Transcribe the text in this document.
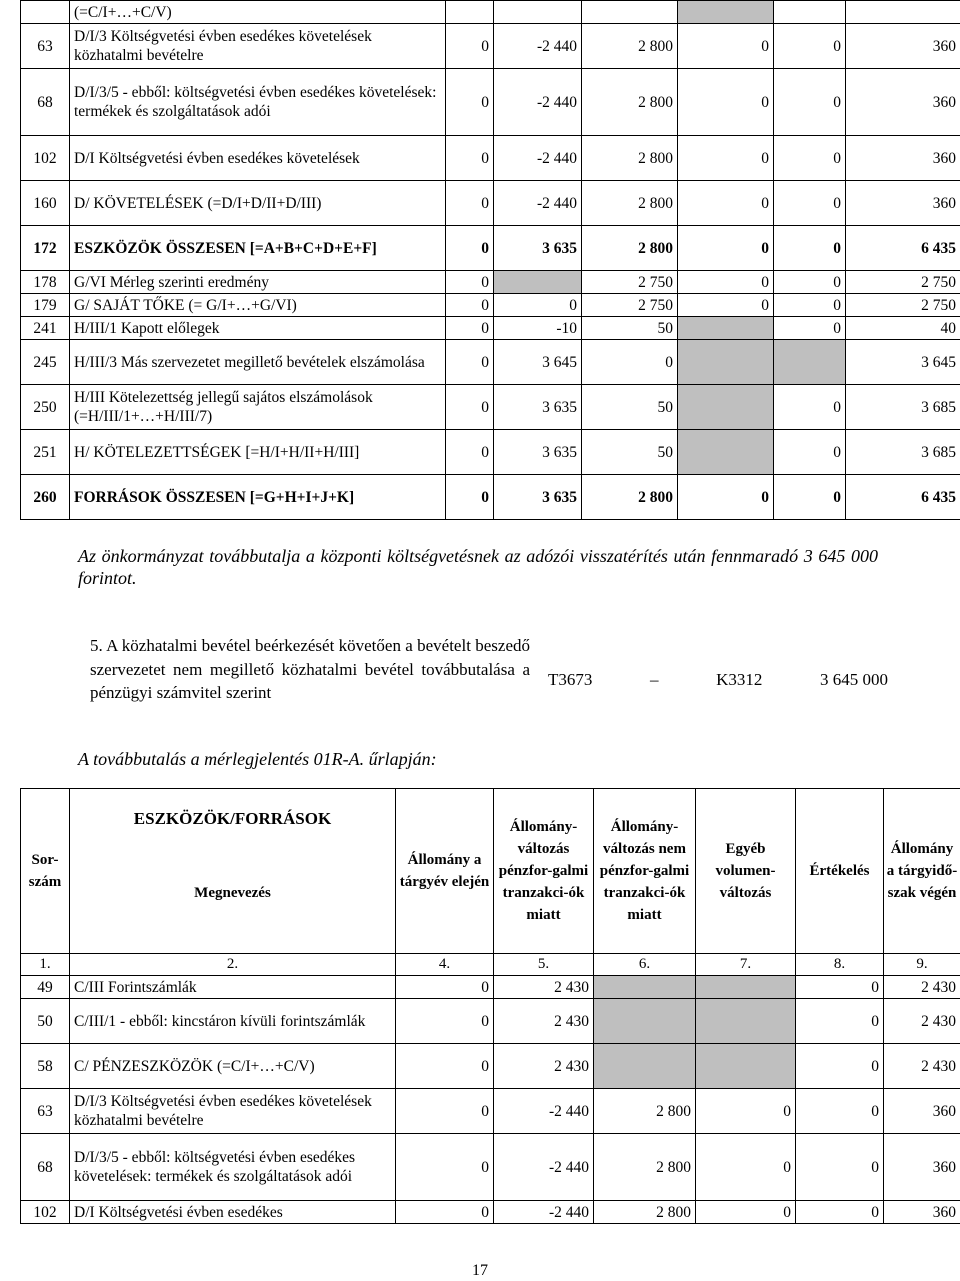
	(=C/I+…+C/V)						
63	D/I/3 Költségvetési évben esedékes követelések közhatalmi bevételre	0	-2 440	2 800	0	0	360
68	D/I/3/5 - ebből: költségvetési évben esedékes követelések: termékek és szolgáltatások adói	0	-2 440	2 800	0	0	360
102	D/I Költségvetési évben esedékes követelések	0	-2 440	2 800	0	0	360
160	D/ KÖVETELÉSEK (=D/I+D/II+D/III)	0	-2 440	2 800	0	0	360
172	ESZKÖZÖK ÖSSZESEN [=A+B+C+D+E+F]	0	3 635	2 800	0	0	6 435
178	G/VI Mérleg szerinti eredmény	0		2 750	0	0	2 750
179	G/ SAJÁT TŐKE (= G/I+…+G/VI)	0	0	2 750	0	0	2 750
241	H/III/1 Kapott előlegek	0	-10	50		0	40
245	H/III/3 Más szervezetet megillető bevételek elszámolása	0	3 645	0			3 645
250	H/III Kötelezettség jellegű sajátos elszámolások (=H/III/1+…+H/III/7)	0	3 635	50		0	3 685
251	H/ KÖTELEZETTSÉGEK [=H/I+H/II+H/III]	0	3 635	50		0	3 685
260	FORRÁSOK ÖSSZESEN [=G+H+I+J+K]	0	3 635	2 800	0	0	6 435
Az önkormányzat továbbutalja a központi költségvetésnek az adózói visszatérítés után fennmaradó 3 645 000 forintot.
5. A közhatalmi bevétel beérkezését követően a bevételt beszedő szervezetet nem megillető közhatalmi bevétel továbbutalása a pénzügyi számvitel szerint
T3673	–	K3312	3 645 000
A továbbutalás a mérlegjelentés 01R-A. űrlapján:
Sor-szám	ESZKÖZÖK/FORRÁSOK
Megnevezés	Állomány a tárgyév elején	Állomány-változás pénzfor-galmi tranzakci-ók miatt	Állomány-változás nem pénzfor-galmi tranzakci-ók miatt	Egyéb volumen-változás	Értékelés	Állomány a tárgyidő-szak végén
1.	2.	4.	5.	6.	7.	8.	9.
49	C/III Forintszámlák	0	2 430			0	2 430
50	C/III/1 - ebből: kincstáron kívüli forintszámlák	0	2 430			0	2 430
58	C/ PÉNZESZKÖZÖK (=C/I+…+C/V)	0	2 430			0	2 430
63	D/I/3 Költségvetési évben esedékes követelések közhatalmi bevételre	0	-2 440	2 800	0	0	360
68	D/I/3/5 - ebből: költségvetési évben esedékes követelések: termékek és szolgáltatások adói	0	-2 440	2 800	0	0	360
102	D/I Költségvetési évben esedékes	0	-2 440	2 800	0	0	360
17
